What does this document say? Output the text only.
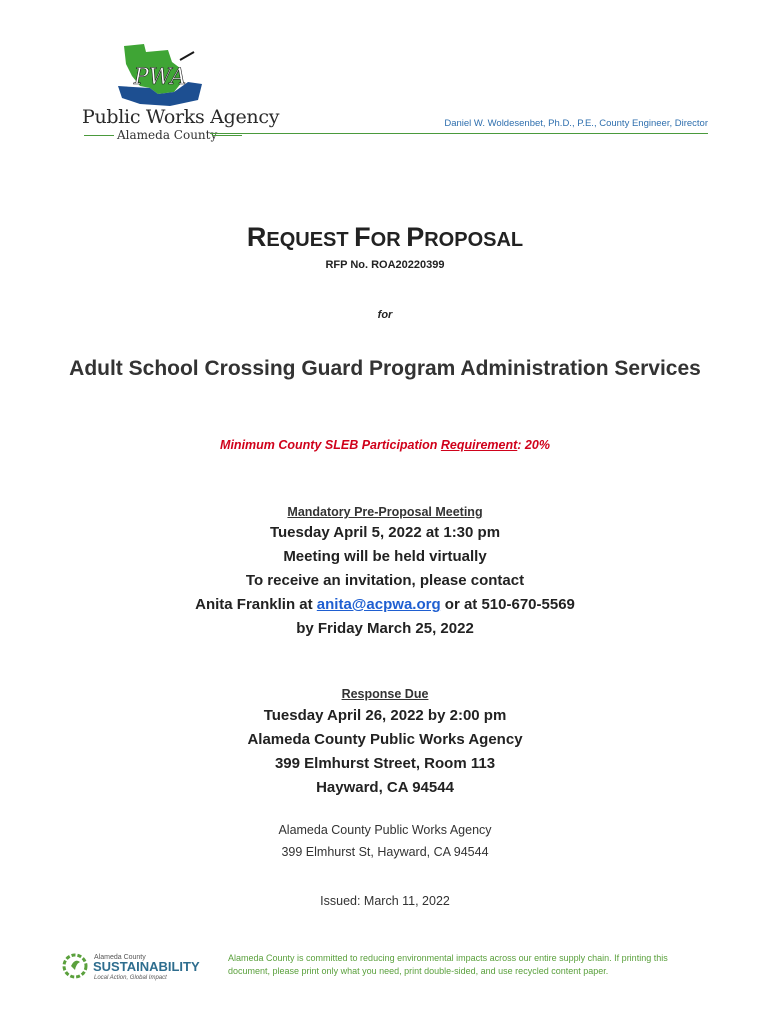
PWA
Public Works Agency
Alameda County
Daniel W. Woldesenbet, Ph.D., P.E., County Engineer, Director
REQUEST FOR PROPOSAL
RFP No. ROA20220399
for
Adult School Crossing Guard Program Administration Services
Minimum County SLEB Participation Requirement: 20%
Mandatory Pre-Proposal Meeting
Tuesday April 5, 2022 at 1:30 pm
Meeting will be held virtually
To receive an invitation, please contact
Anita Franklin at anita@acpwa.org or at 510-670-5569
by Friday March 25, 2022
Response Due
Tuesday April 26, 2022 by 2:00 pm
Alameda County Public Works Agency
399 Elmhurst Street, Room 113
Hayward, CA 94544
Alameda County Public Works Agency
399 Elmhurst St, Hayward, CA 94544
Issued: March 11, 2022
Alameda County
SUSTAINABILITY
Local Action, Global Impact
Alameda County is committed to reducing environmental impacts across our entire supply chain. If printing this document, please print only what you need, print double-sided, and use recycled content paper.
